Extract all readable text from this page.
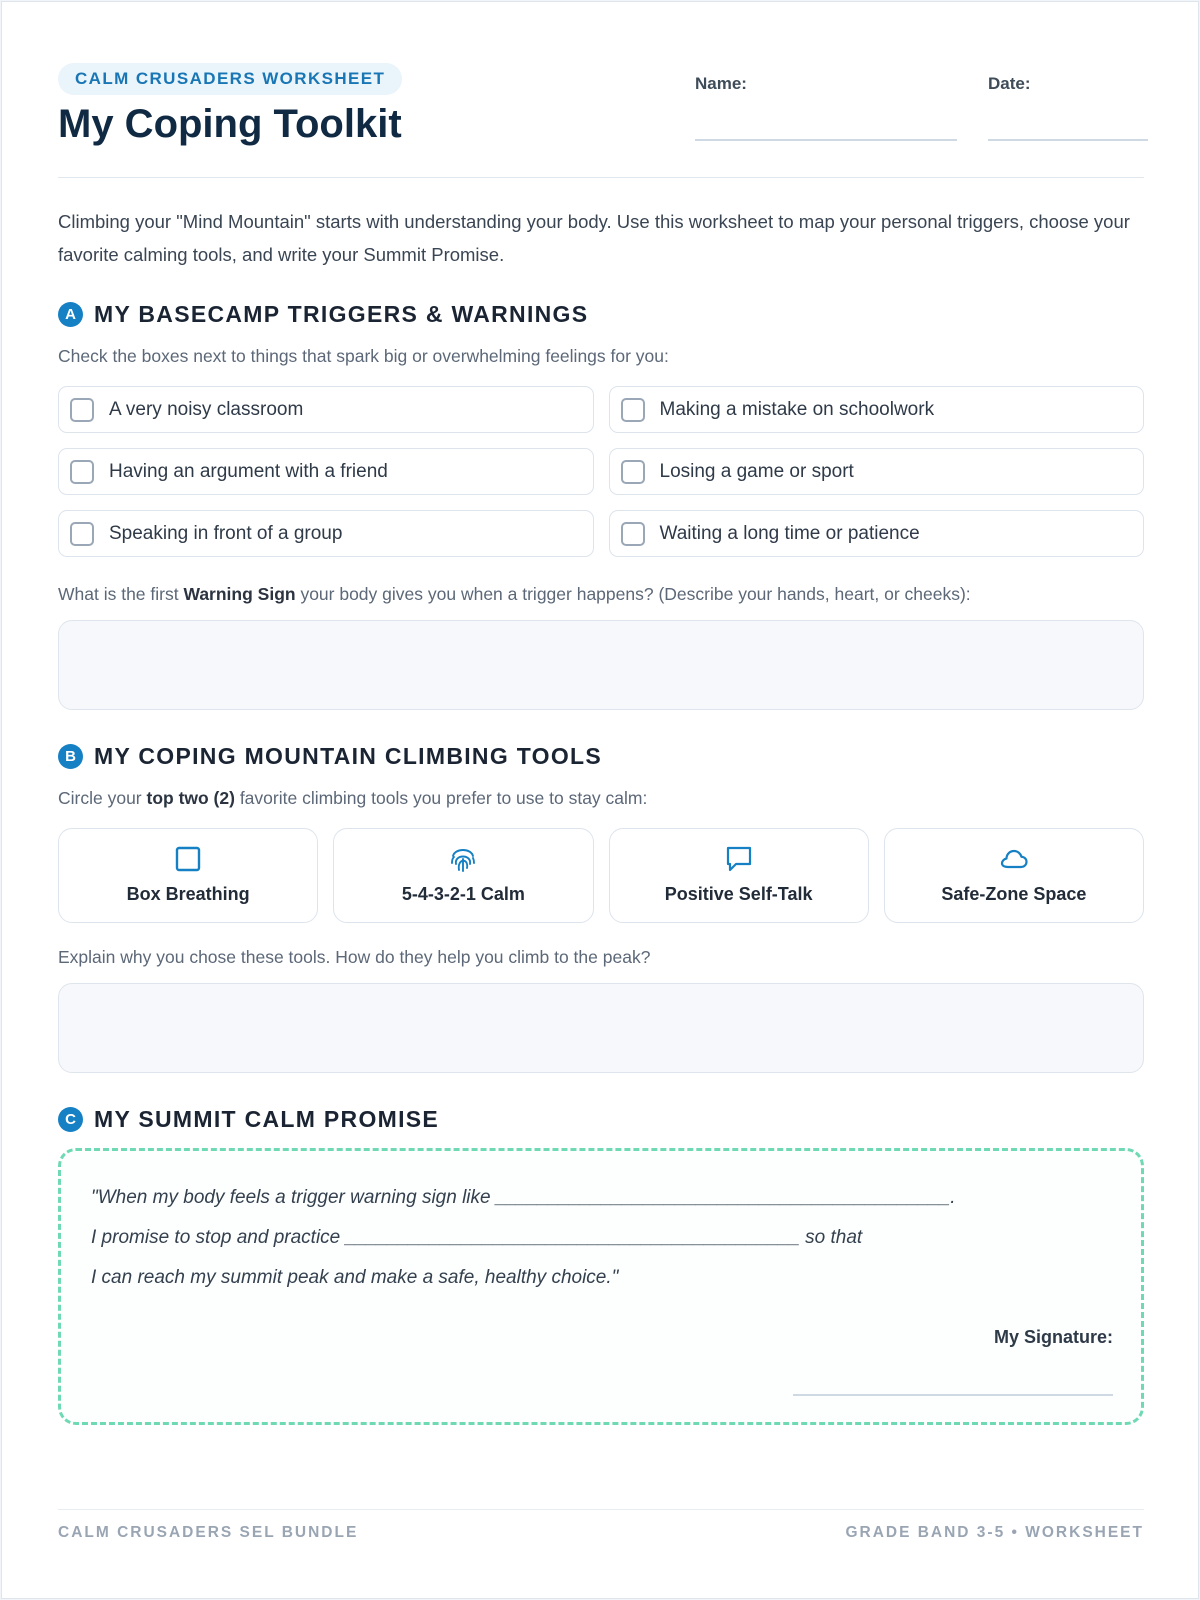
CALM CRUSADERS WORKSHEET
My Coping Toolkit
Name:	Date:

Climbing your "Mind Mountain" starts with understanding your body. Use this worksheet to map your personal triggers, choose your favorite calming tools, and write your Summit Promise.

A MY BASECAMP TRIGGERS & WARNINGS

Check the boxes next to things that spark big or overwhelming feelings for you:

A very noisy classroom	Making a mistake on schoolwork
Having an argument with a friend	Losing a game or sport
Speaking in front of a group	Waiting a long time or patience

What is the first Warning Sign your body gives you when a trigger happens? (Describe your hands, heart, or cheeks):

B MY COPING MOUNTAIN CLIMBING TOOLS

Circle your top two (2) favorite climbing tools you prefer to use to stay calm:

Box Breathing	5-4-3-2-1 Calm	Positive Self-Talk	Safe-Zone Space

Explain why you chose these tools. How do they help you climb to the peak?

C MY SUMMIT CALM PROMISE

"When my body feels a trigger warning sign like ___________________________________________.

I promise to stop and practice ___________________________________________ so that

I can reach my summit peak and make a safe, healthy choice."

My Signature:
CALM CRUSADERS SEL BUNDLE	GRADE BAND 3-5 • WORKSHEET
